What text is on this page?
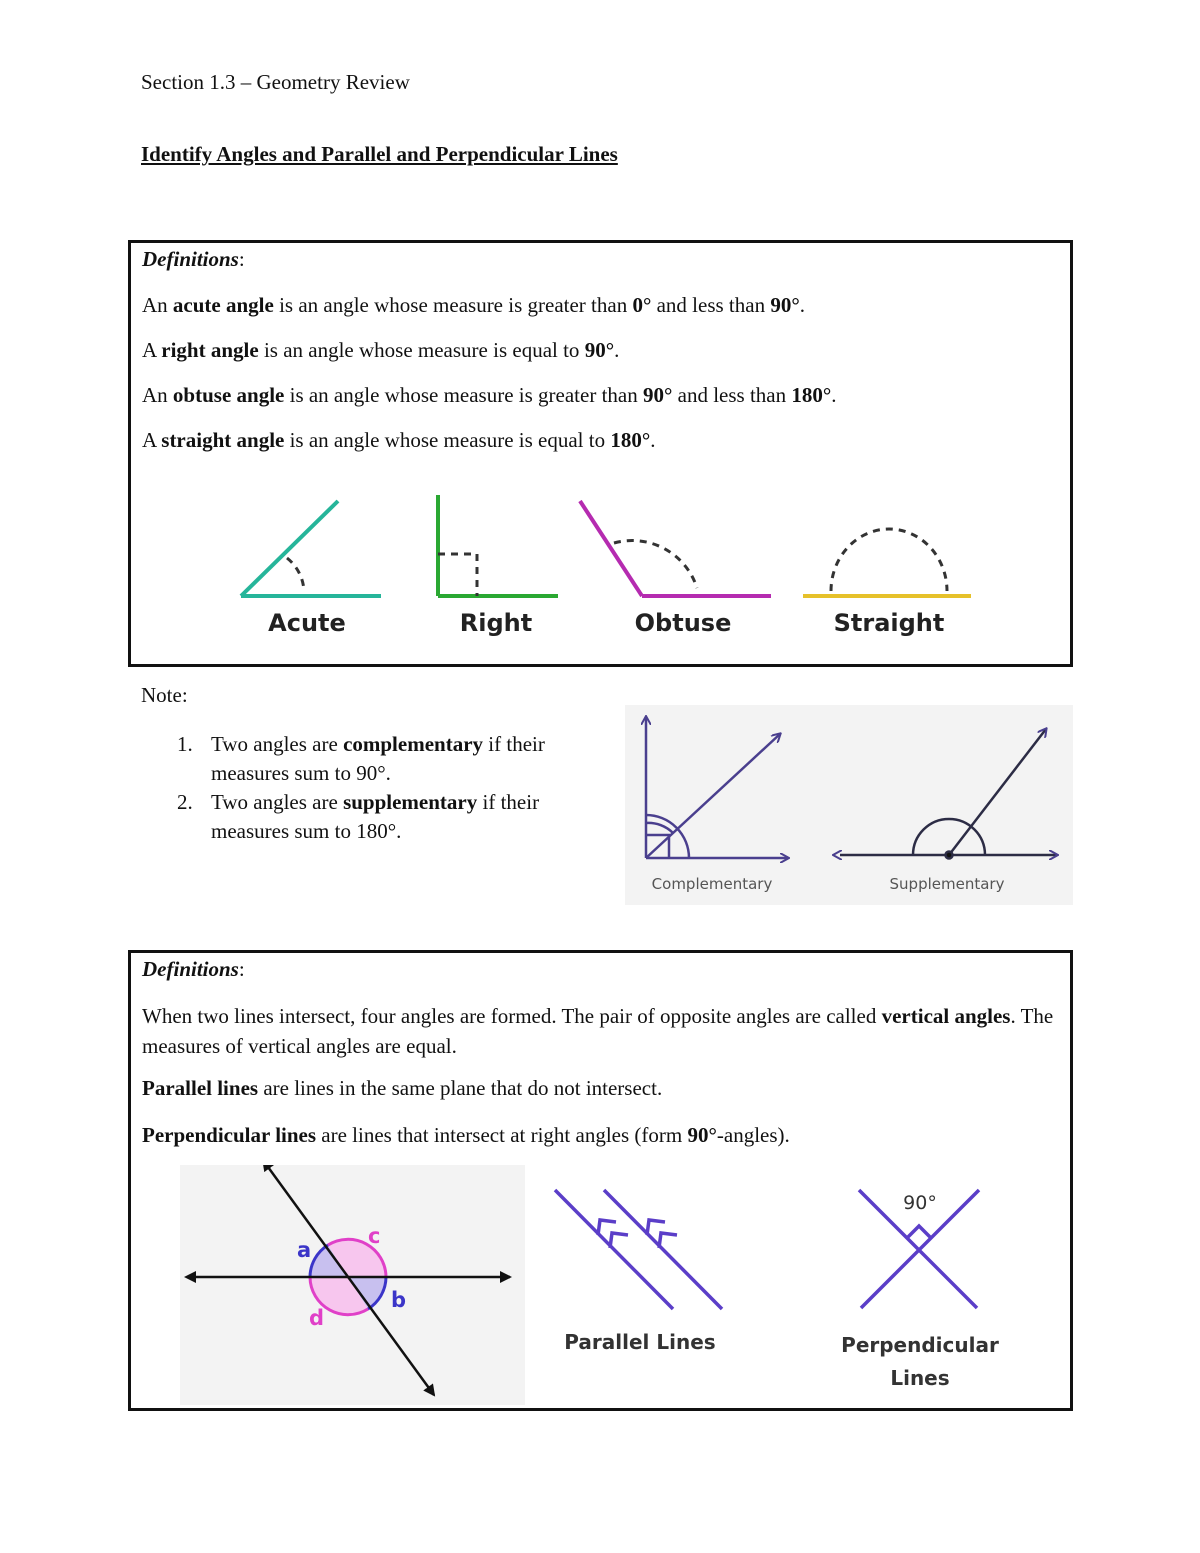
Section 1.3 – Geometry Review
Identify Angles and Parallel and Perpendicular Lines
Definitions:
An acute angle is an angle whose measure is greater than 0° and less than 90°.
A right angle is an angle whose measure is equal to 90°.
An obtuse angle is an angle whose measure is greater than 90° and less than 180°.
A straight angle is an angle whose measure is equal to 180°.
Acute	Right	Obtuse	Straight
Note:
1. Two angles are complementary if their measures sum to 90°.
2. Two angles are supplementary if their measures sum to 180°.
Complementary	Supplementary
Definitions:
When two lines intersect, four angles are formed. The pair of opposite angles are called vertical angles. The measures of vertical angles are equal.
Parallel lines are lines in the same plane that do not intersect.
Perpendicular lines are lines that intersect at right angles (form 90°-angles).
a
b
c
d
Parallel Lines
90°
Perpendicular
Lines
